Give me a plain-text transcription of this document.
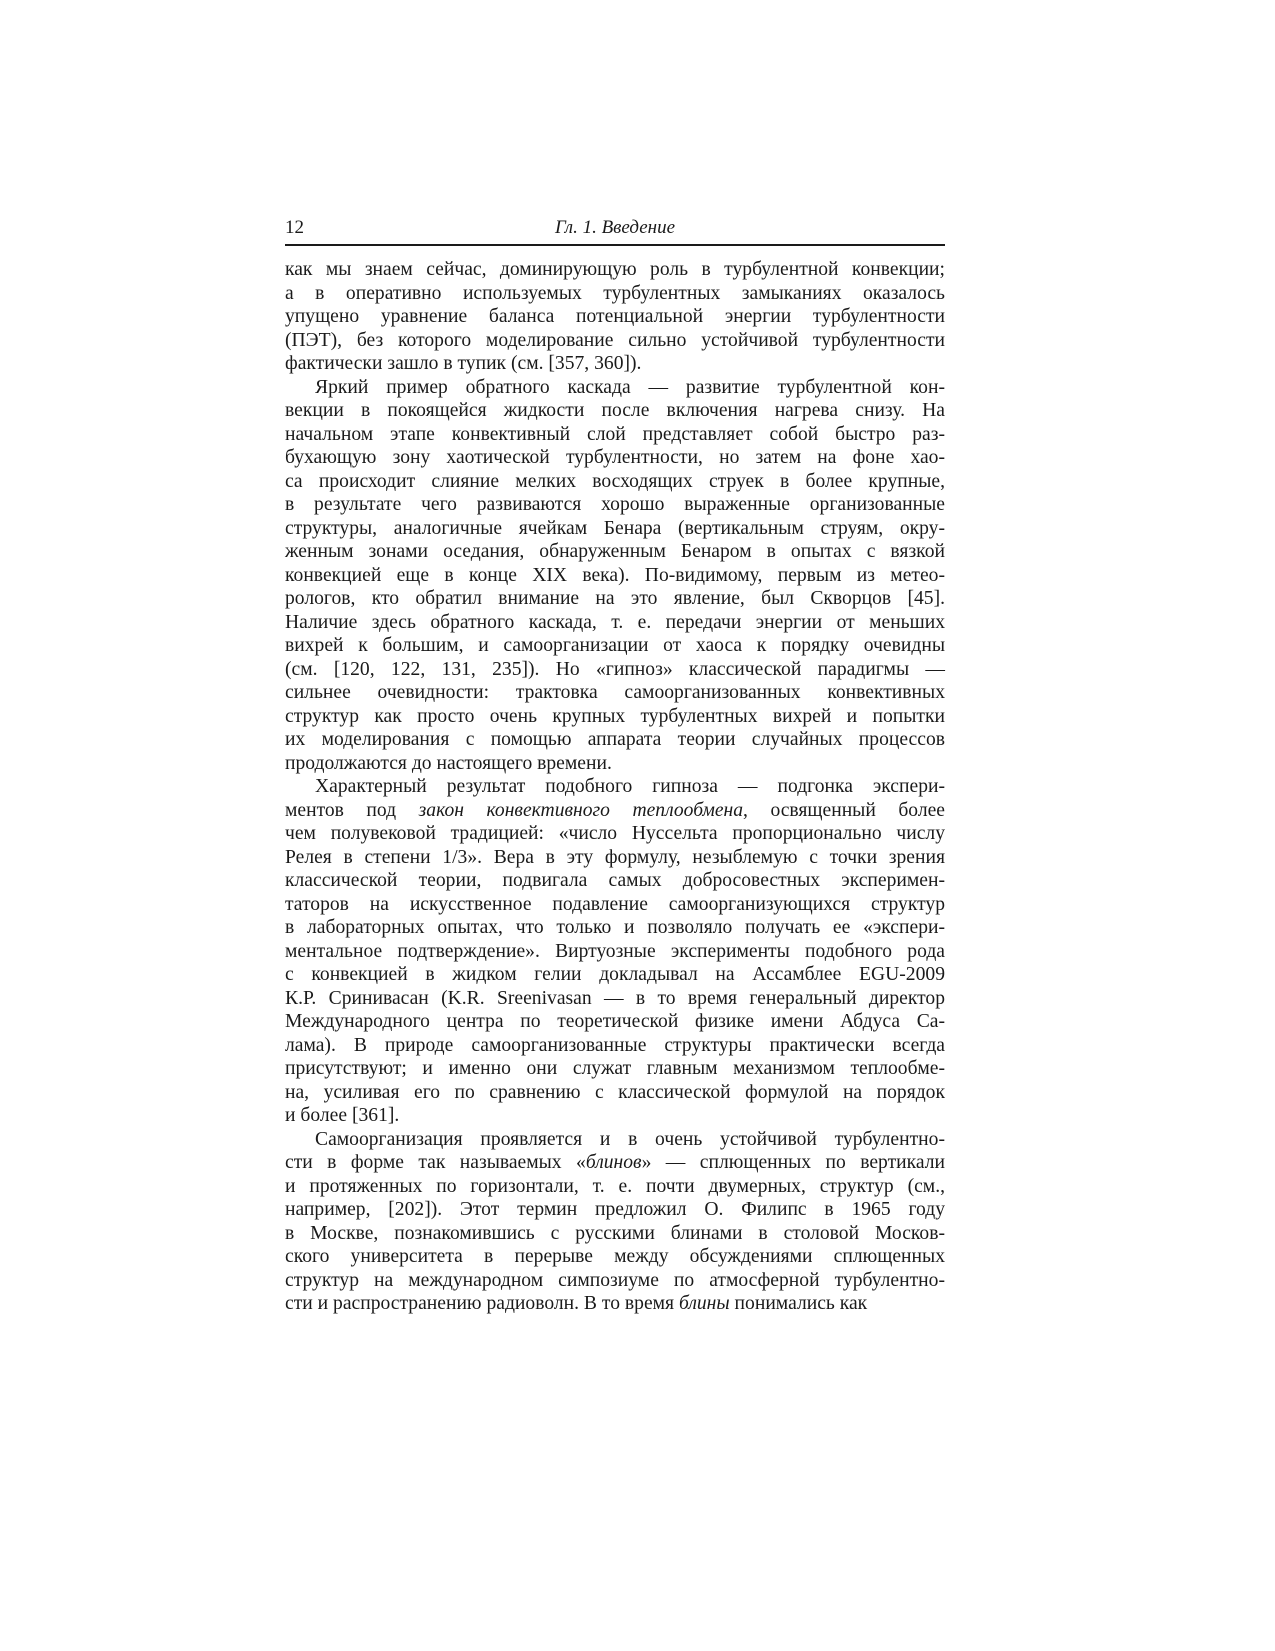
12	Гл. 1. Введение
как мы знаем сейчас, доминирующую роль в турбулентной конвекции;
а в оперативно используемых турбулентных замыканиях оказалось
упущено уравнение баланса потенциальной энергии турбулентности
(ПЭТ), без которого моделирование сильно устойчивой турбулентности
фактически зашло в тупик (см. [357, 360]).
Яркий пример обратного каскада — развитие турбулентной кон-
векции в покоящейся жидкости после включения нагрева снизу. На
начальном этапе конвективный слой представляет собой быстро раз-
бухающую зону хаотической турбулентности, но затем на фоне хао-
са происходит слияние мелких восходящих струек в более крупные,
в результате чего развиваются хорошо выраженные организованные
структуры, аналогичные ячейкам Бенара (вертикальным струям, окру-
женным зонами оседания, обнаруженным Бенаром в опытах с вязкой
конвекцией еще в конце XIX века). По-видимому, первым из метео-
рологов, кто обратил внимание на это явление, был Скворцов [45].
Наличие здесь обратного каскада, т. е. передачи энергии от меньших
вихрей к большим, и самоорганизации от хаоса к порядку очевидны
(см. [120, 122, 131, 235]). Но «гипноз» классической парадигмы —
сильнее очевидности: трактовка самоорганизованных конвективных
структур как просто очень крупных турбулентных вихрей и попытки
их моделирования с помощью аппарата теории случайных процессов
продолжаются до настоящего времени.
Характерный результат подобного гипноза — подгонка экспери-
ментов под закон конвективного теплообмена, освященный более
чем полувековой традицией: «число Нуссельта пропорционально числу
Релея в степени 1/3». Вера в эту формулу, незыблемую с точки зрения
классической теории, подвигала самых добросовестных эксперимен-
таторов на искусственное подавление самоорганизующихся структур
в лабораторных опытах, что только и позволяло получать ее «экспери-
ментальное подтверждение». Виртуозные эксперименты подобного рода
с конвекцией в жидком гелии докладывал на Ассамблее EGU-2009
К.Р. Сринивасан (K.R. Sreenivasan — в то время генеральный директор
Международного центра по теоретической физике имени Абдуса Са-
лама). В природе самоорганизованные структуры практически всегда
присутствуют; и именно они служат главным механизмом теплообме-
на, усиливая его по сравнению с классической формулой на порядок
и более [361].
Самоорганизация проявляется и в очень устойчивой турбулентно-
сти в форме так называемых «блинов» — сплющенных по вертикали
и протяженных по горизонтали, т. е. почти двумерных, структур (см.,
например, [202]). Этот термин предложил О. Филипс в 1965 году
в Москве, познакомившись с русскими блинами в столовой Москов-
ского университета в перерыве между обсуждениями сплющенных
структур на международном симпозиуме по атмосферной турбулентно-
сти и распространению радиоволн. В то время блины понимались как
